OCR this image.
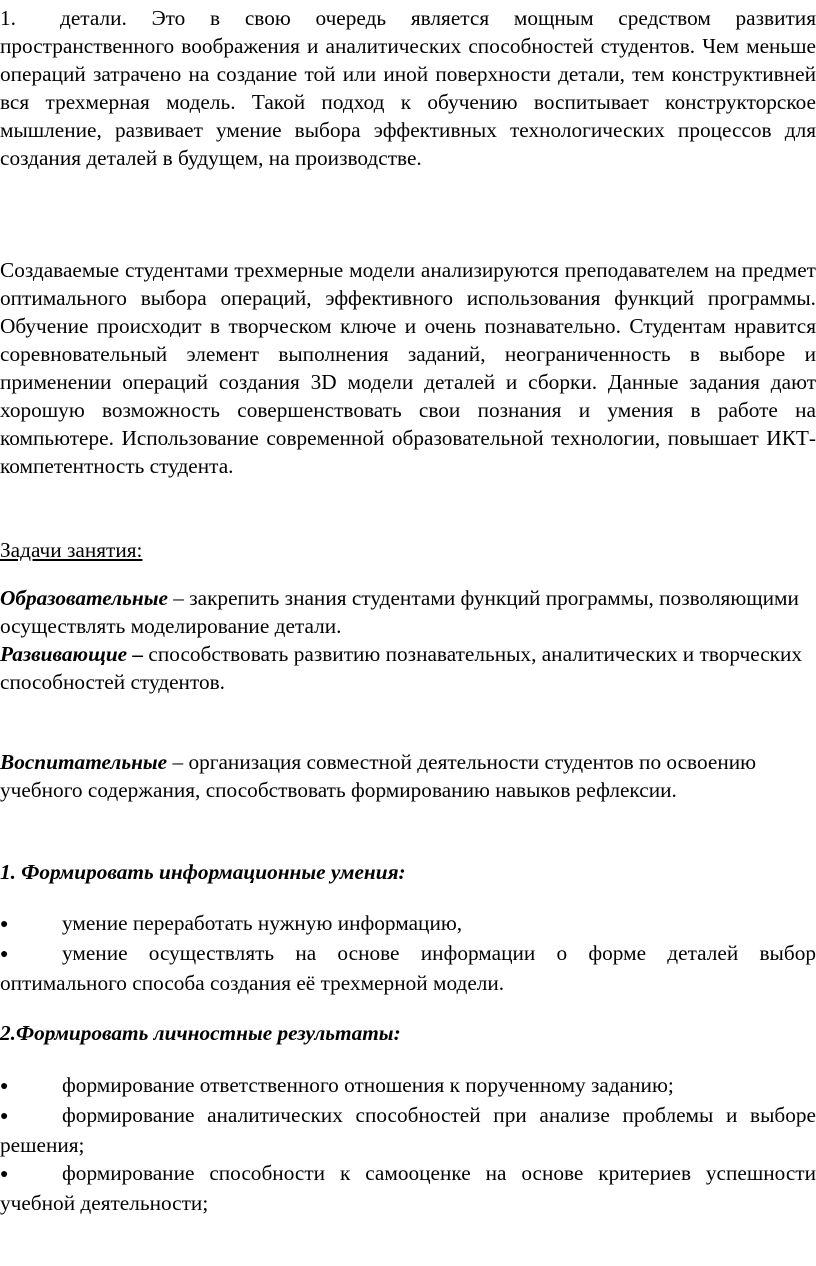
1. детали. Это в свою очередь является мощным средством развития пространственного воображения и аналитических способностей студентов. Чем меньше операций затрачено на создание той или иной поверхности детали, тем конструктивней вся трехмерная модель. Такой подход к обучению воспитывает конструкторское мышление, развивает умение выбора эффективных технологических процессов для создания деталей в будущем, на производстве.

Создаваемые студентами трехмерные модели анализируются преподавателем на предмет оптимального выбора операций, эффективного использования функций программы. Обучение происходит в творческом ключе и очень познавательно. Студентам нравится соревновательный элемент выполнения заданий, неограниченность в выборе и применении операций создания 3D модели деталей и сборки. Данные задания дают хорошую возможность совершенствовать свои познания и умения в работе на компьютере. Использование современной образовательной технологии, повышает ИКТ-компетентность студента.

Задачи занятия:

Образовательные – закрепить знания студентами функций программы, позволяющими осуществлять моделирование детали.

Развивающие – способствовать развитию познавательных, аналитических и творческих способностей студентов.

Воспитательные – организация совместной деятельности студентов по освоению учебного содержания, способствовать формированию навыков рефлексии.

1. Формировать информационные умения:

●	умение переработать нужную информацию,

●	умение осуществлять на основе информации о форме деталей выбор оптимального способа создания её трехмерной модели.

2.Формировать личностные результаты:

●	формирование ответственного отношения к порученному заданию;

●	формирование аналитических способностей при анализе проблемы и выборе решения;

●	формирование способности к самооценке на основе критериев успешности учебной деятельности;
